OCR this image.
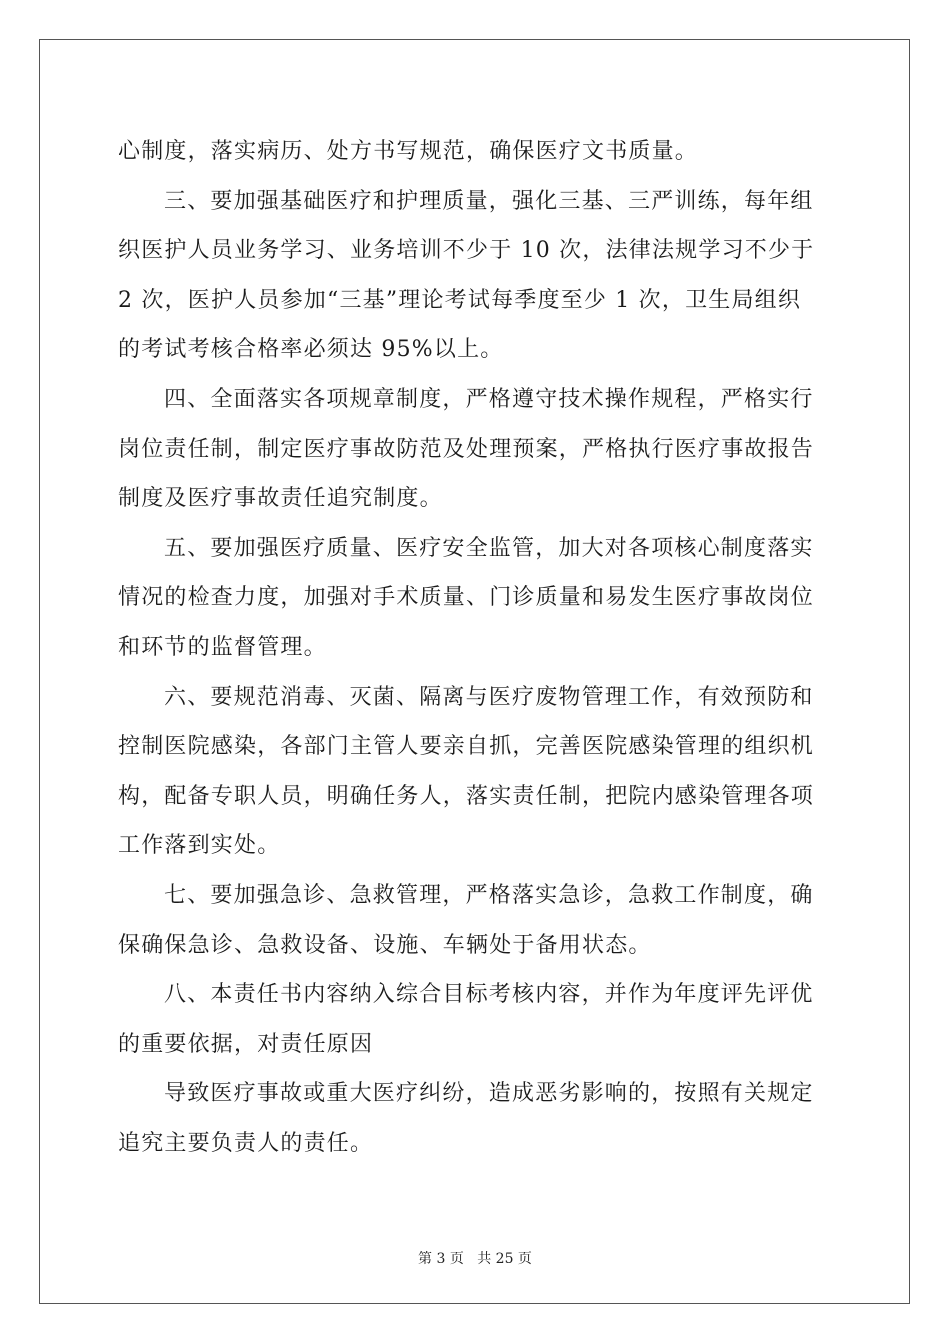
心制度，落实病历、处方书写规范，确保医疗文书质量。
三、要加强基础医疗和护理质量，强化三基、三严训练，每年组
织医护人员业务学习、业务培训不少于 10 次，法律法规学习不少于
2 次，医护人员参加“三基”理论考试每季度至少 1 次，卫生局组织
的考试考核合格率必须达 95%以上。
四、全面落实各项规章制度，严格遵守技术操作规程，严格实行
岗位责任制，制定医疗事故防范及处理预案，严格执行医疗事故报告
制度及医疗事故责任追究制度。
五、要加强医疗质量、医疗安全监管，加大对各项核心制度落实
情况的检查力度，加强对手术质量、门诊质量和易发生医疗事故岗位
和环节的监督管理。
六、要规范消毒、灭菌、隔离与医疗废物管理工作，有效预防和
控制医院感染，各部门主管人要亲自抓，完善医院感染管理的组织机
构，配备专职人员，明确任务人，落实责任制，把院内感染管理各项
工作落到实处。
七、要加强急诊、急救管理，严格落实急诊，急救工作制度，确
保确保急诊、急救设备、设施、车辆处于备用状态。
八、本责任书内容纳入综合目标考核内容，并作为年度评先评优
的重要依据，对责任原因
导致医疗事故或重大医疗纠纷，造成恶劣影响的，按照有关规定
追究主要负责人的责任。
第 3 页 共 25 页
